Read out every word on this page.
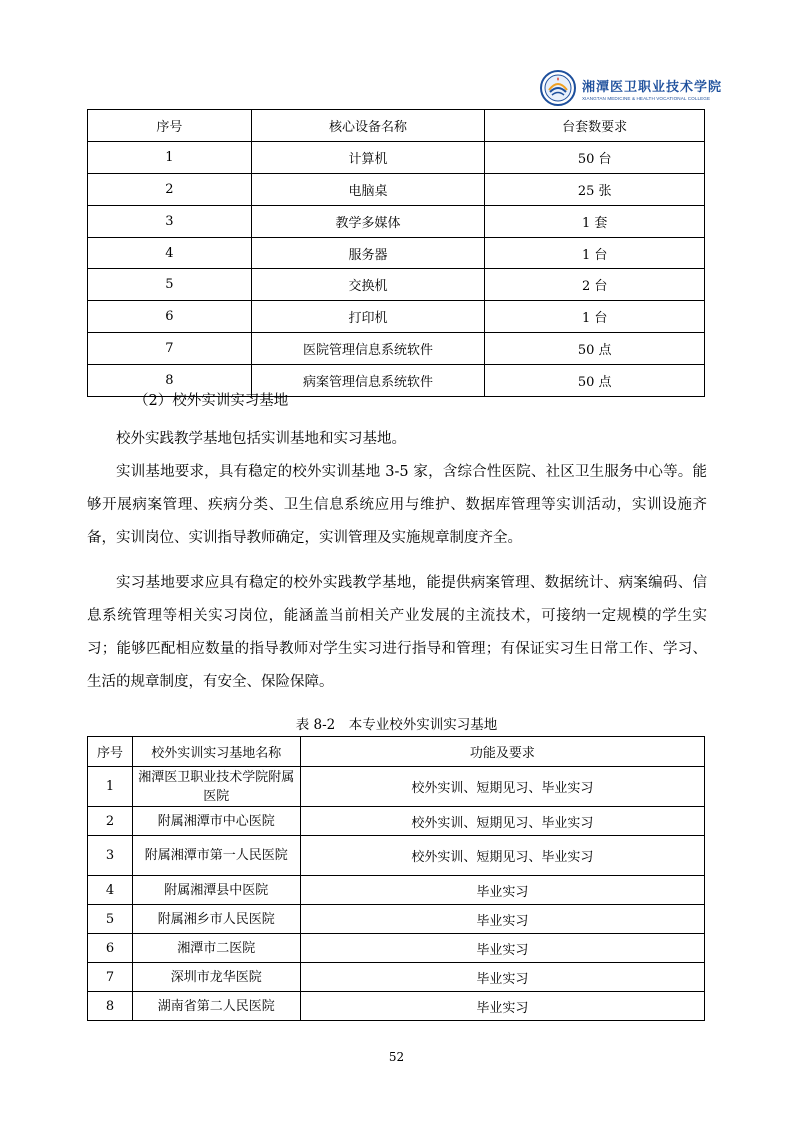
湘潭医卫职业技术学院
XIANGTAN MEDICINE & HEALTH VOCATIONAL COLLEGE
序号	核心设备名称	台套数要求
1	计算机	50 台
2	电脑桌	25 张
3	教学多媒体	1 套
4	服务器	1 台
5	交换机	2 台
6	打印机	1 台
7	医院管理信息系统软件	50 点
8	病案管理信息系统软件	50 点
（2）校外实训实习基地
校外实践教学基地包括实训基地和实习基地。
实训基地要求，具有稳定的校外实训基地 3-5 家，含综合性医院、社区卫生服务中心等。能够开展病案管理、疾病分类、卫生信息系统应用与维护、数据库管理等实训活动，实训设施齐备，实训岗位、实训指导教师确定，实训管理及实施规章制度齐全。
实习基地要求应具有稳定的校外实践教学基地，能提供病案管理、数据统计、病案编码、信息系统管理等相关实习岗位，能涵盖当前相关产业发展的主流技术，可接纳一定规模的学生实习；能够匹配相应数量的指导教师对学生实习进行指导和管理；有保证实习生日常工作、学习、生活的规章制度，有安全、保险保障。
表 8-2　本专业校外实训实习基地
序号	校外实训实习基地名称	功能及要求
1	湘潭医卫职业技术学院附属医院	校外实训、短期见习、毕业实习
2	附属湘潭市中心医院	校外实训、短期见习、毕业实习
3	附属湘潭市第一人民医院	校外实训、短期见习、毕业实习
4	附属湘潭县中医院	毕业实习
5	附属湘乡市人民医院	毕业实习
6	湘潭市二医院	毕业实习
7	深圳市龙华医院	毕业实习
8	湖南省第二人民医院	毕业实习
52
